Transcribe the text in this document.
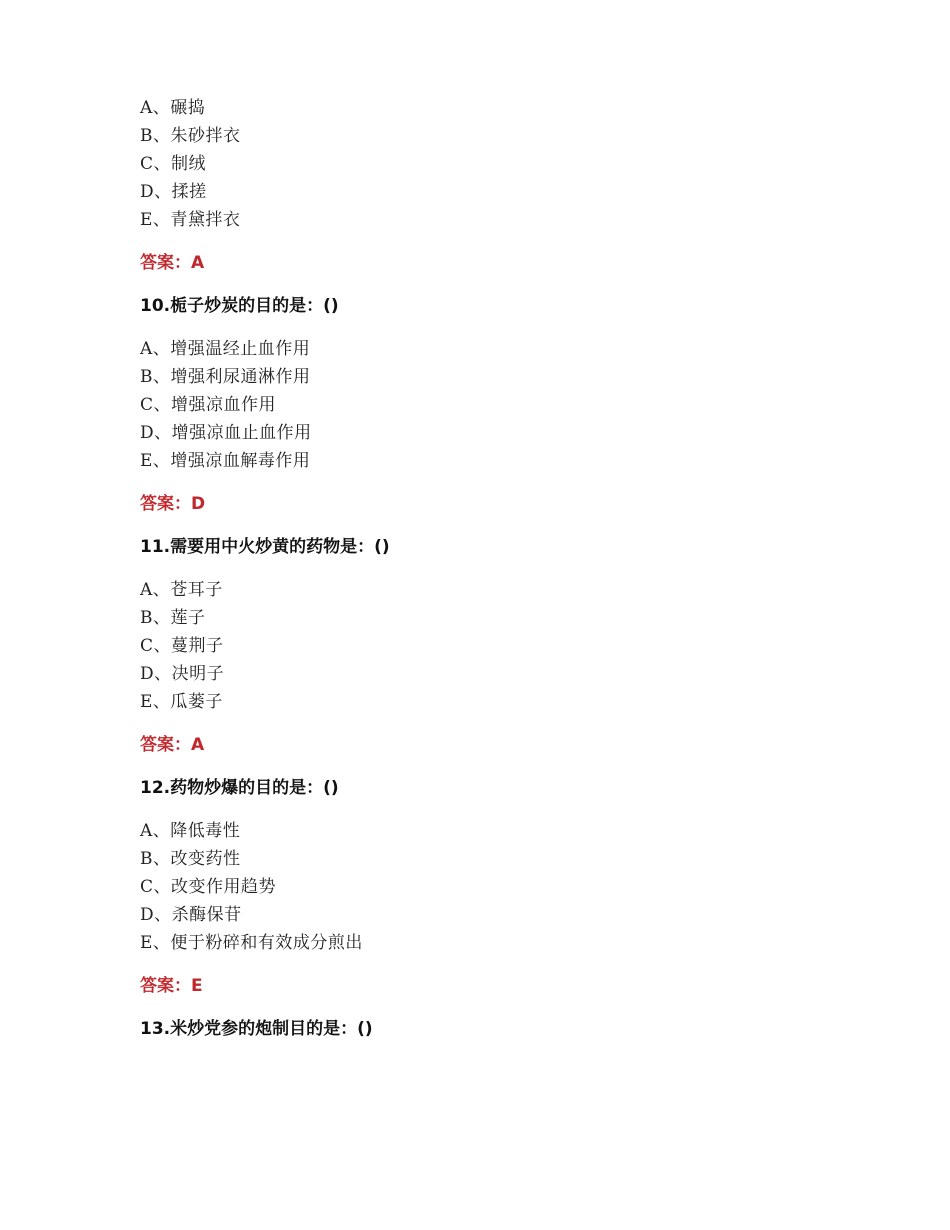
A、碾捣
B、朱砂拌衣
C、制绒
D、揉搓
E、青黛拌衣
答案：A
10.栀子炒炭的目的是：()
A、增强温经止血作用
B、增强利尿通淋作用
C、增强凉血作用
D、增强凉血止血作用
E、增强凉血解毒作用
答案：D
11.需要用中火炒黄的药物是：()
A、苍耳子
B、莲子
C、蔓荆子
D、决明子
E、瓜蒌子
答案：A
12.药物炒爆的目的是：()
A、降低毒性
B、改变药性
C、改变作用趋势
D、杀酶保苷
E、便于粉碎和有效成分煎出
答案：E
13.米炒党参的炮制目的是：()
